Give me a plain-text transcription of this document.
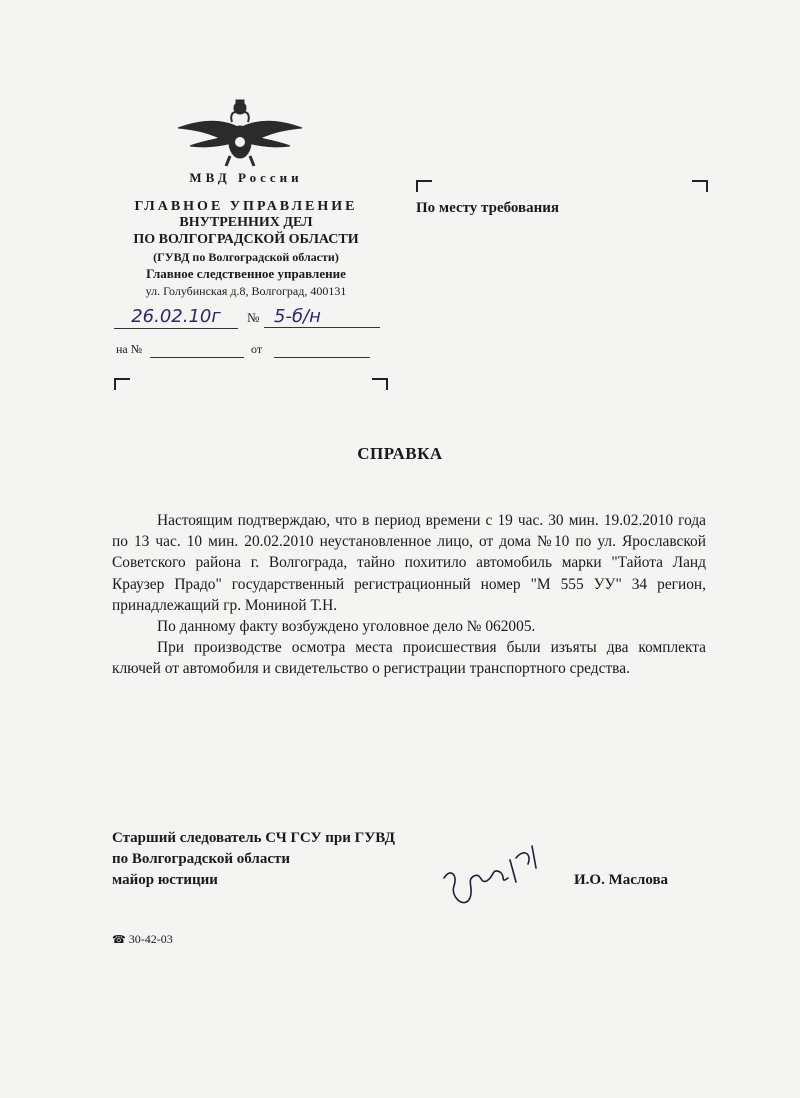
МВД России
ГЛАВНОЕ УПРАВЛЕНИЕ
ВНУТРЕННИХ ДЕЛ
ПО ВОЛГОГРАДСКОЙ ОБЛАСТИ
(ГУВД по Волгоградской области)
Главное следственное управление
ул. Голубинская д.8, Волгоград, 400131
26.02.10г	№ 5-б/н
на №	от
По месту требования
СПРАВКА

Настоящим подтверждаю, что в период времени с 19 час. 30 мин. 19.02.2010 года по 13 час. 10 мин. 20.02.2010 неустановленное лицо, от дома №10 по ул. Ярославской Советского района г. Волгограда, тайно похитило автомобиль марки "Тайота Ланд Краузер Прадо" государственный регистрационный номер "М 555 УУ" 34 регион, принадлежащий гр. Мониной Т.Н.

По данному факту возбуждено уголовное дело № 062005.

При производстве осмотра места происшествия были изъяты два комплекта ключей от автомобиля и свидетельство о регистрации транспортного средства.

Старший следователь СЧ ГСУ при ГУВД
по Волгоградской области
майор юстиции	И.О. Маслова
☎ 30-42-03
